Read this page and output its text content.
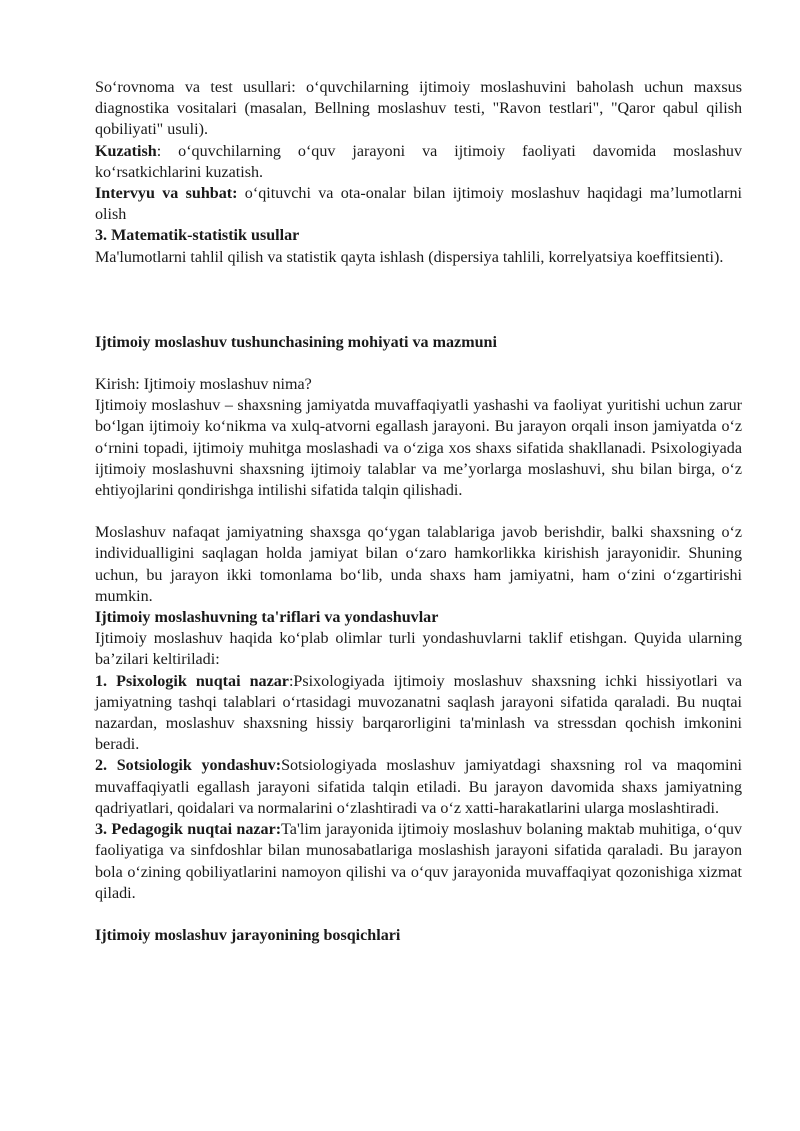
So‘rovnoma va test usullari: o‘quvchilarning ijtimoiy moslashuvini baholash uchun maxsus diagnostika vositalari (masalan, Bellning moslashuv testi, "Ravon testlari", "Qaror qabul qilish qobiliyati" usuli).

Kuzatish: o‘quvchilarning o‘quv jarayoni va ijtimoiy faoliyati davomida moslashuv ko‘rsatkichlarini kuzatish.

Intervyu va suhbat: o‘qituvchi va ota-onalar bilan ijtimoiy moslashuv haqidagi ma’lumotlarni olish

3. Matematik-statistik usullar

Ma'lumotlarni tahlil qilish va statistik qayta ishlash (dispersiya tahlili, korrelyatsiya koeffitsienti).

Ijtimoiy moslashuv tushunchasining mohiyati va mazmuni

Kirish: Ijtimoiy moslashuv nima?

Ijtimoiy moslashuv – shaxsning jamiyatda muvaffaqiyatli yashashi va faoliyat yuritishi uchun zarur bo‘lgan ijtimoiy ko‘nikma va xulq-atvorni egallash jarayoni. Bu jarayon orqali inson jamiyatda o‘z o‘rnini topadi, ijtimoiy muhitga moslashadi va o‘ziga xos shaxs sifatida shakllanadi. Psixologiyada ijtimoiy moslashuvni shaxsning ijtimoiy talablar va me’yorlarga moslashuvi, shu bilan birga, o‘z ehtiyojlarini qondirishga intilishi sifatida talqin qilishadi.

Moslashuv nafaqat jamiyatning shaxsga qo‘ygan talablariga javob berishdir, balki shaxsning o‘z individualligini saqlagan holda jamiyat bilan o‘zaro hamkorlikka kirishish jarayonidir. Shuning uchun, bu jarayon ikki tomonlama bo‘lib, unda shaxs ham jamiyatni, ham o‘zini o‘zgartirishi mumkin.

Ijtimoiy moslashuvning ta'riflari va yondashuvlar

Ijtimoiy moslashuv haqida ko‘plab olimlar turli yondashuvlarni taklif etishgan. Quyida ularning ba’zilari keltiriladi:

1. Psixologik nuqtai nazar:Psixologiyada ijtimoiy moslashuv shaxsning ichki hissiyotlari va jamiyatning tashqi talablari o‘rtasidagi muvozanatni saqlash jarayoni sifatida qaraladi. Bu nuqtai nazardan, moslashuv shaxsning hissiy barqarorligini ta'minlash va stressdan qochish imkonini beradi.

2. Sotsiologik yondashuv:Sotsiologiyada moslashuv jamiyatdagi shaxsning rol va maqomini muvaffaqiyatli egallash jarayoni sifatida talqin etiladi. Bu jarayon davomida shaxs jamiyatning qadriyatlari, qoidalari va normalarini o‘zlashtiradi va o‘z xatti-harakatlarini ularga moslashtiradi.

3. Pedagogik nuqtai nazar:Ta'lim jarayonida ijtimoiy moslashuv bolaning maktab muhitiga, o‘quv faoliyatiga va sinfdoshlar bilan munosabatlariga moslashish jarayoni sifatida qaraladi. Bu jarayon bola o‘zining qobiliyatlarini namoyon qilishi va o‘quv jarayonida muvaffaqiyat qozonishiga xizmat qiladi.

Ijtimoiy moslashuv jarayonining bosqichlari
